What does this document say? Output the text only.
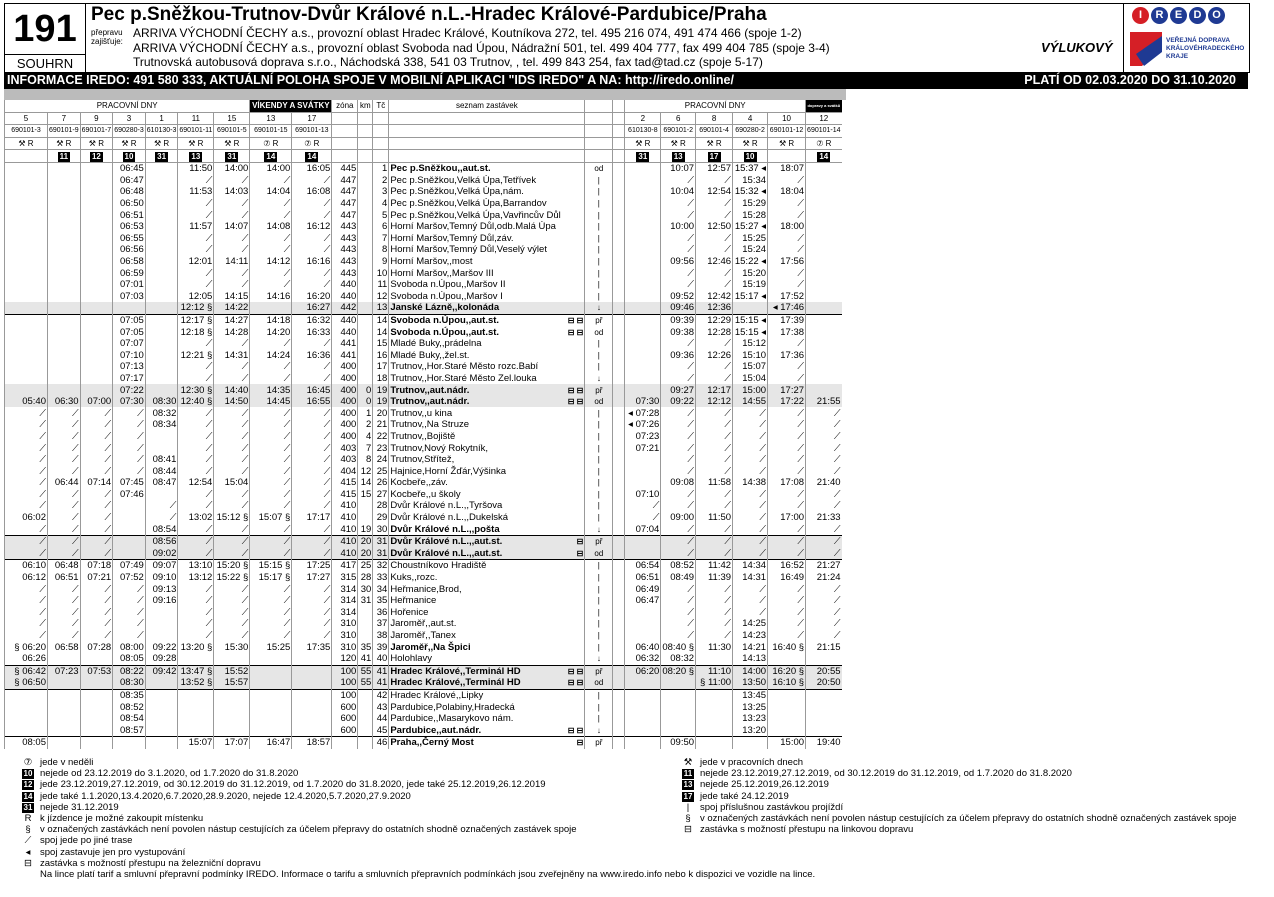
191
SOUHRN
Pec p.Sněžkou-Trutnov-Dvůr Králové n.L.-Hradec Králové-Pardubice/Praha
přepravu zajišťuje:
ARRIVA VÝCHODNÍ ČECHY a.s., provozní oblast Hradec Králové, Koutníkova 272, tel. 495 216 074, 491 474 466 (spoje 1-2)
ARRIVA VÝCHODNÍ ČECHY a.s., provozní oblast Svoboda nad Úpou, Nádražní 501, tel. 499 404 777, fax 499 404 785 (spoje 3-4)
Trutnovská autobusová doprava s.r.o., Náchodská 338, 541 03 Trutnov, , tel. 499 843 254, fax tad@tad.cz (spoje 5-17)
VÝLUKOVÝ
I	R	E	D O
VEŘEJNÁ DOPRAVA KRÁLOVÉHRADECKÉHO KRAJE
INFORMACE IREDO: 491 580 333, AKTUÁLNÍ POLOHA SPOJE V MOBILNÍ APLIKACI "IDS IREDO" A NA: http://iredo.online/	PLATÍ OD 02.03.2020 DO 31.10.2020
PRACOVNÍ DNY							VÍKENDY A SVÁTKY		zóna	km	Tč	seznam zastávek			PRACOVNÍ DNY					dopravy a svátků
5	7	9	3	1	11	15	13	17							2	6	8	4	10	12
690101-3	690101-9	690101-7	690280-3	610130-3	690101-11	690101-5	690101-15	690101-13							610130-8	690101-2	690101-4	690280-2	690101-12	690101-14
⚒ R	⚒ R	⚒ R	⚒ R	⚒ R	⚒ R	⚒ R	⑦ R	⑦ R							⚒ R	⚒ R	⚒ R	⚒ R	⚒ R	⑦ R
	11	12	10	31	13	31	14	14							31	13	17	10		14
			06:45		11:50	14:00	14:00	16:05	445		1	Pec p.Sněžkou,,aut.st.	od			10:07	12:57	15:37 ◂	18:07	
			06:47		⟋	⟋	⟋	⟋	447		2	Pec p.Sněžkou,Velká Úpa,Tetřívek	|			⟋	⟋	15:34	⟋	
			06:48		11:53	14:03	14:04	16:08	447		3	Pec p.Sněžkou,Velká Úpa,nám.	|			10:04	12:54	15:32 ◂	18:04	
			06:50		⟋	⟋	⟋	⟋	447		4	Pec p.Sněžkou,Velká Úpa,Barrandov	|			⟋	⟋	15:29	⟋	
			06:51		⟋	⟋	⟋	⟋	447		5	Pec p.Sněžkou,Velká Úpa,Vavřincův Důl	|			⟋	⟋	15:28	⟋	
			06:53		11:57	14:07	14:08	16:12	443		6	Horní Maršov,Temný Důl,odb.Malá Úpa	|			10:00	12:50	15:27 ◂	18:00	
			06:55		⟋	⟋	⟋	⟋	443		7	Horní Maršov,Temný Důl,záv.	|			⟋	⟋	15:25	⟋	
			06:56		⟋	⟋	⟋	⟋	443		8	Horní Maršov,Temný Důl,Veselý výlet	|			⟋	⟋	15:24	⟋	
			06:58		12:01	14:11	14:12	16:16	443		9	Horní Maršov,,most	|			09:56	12:46	15:22 ◂	17:56	
			06:59		⟋	⟋	⟋	⟋	443		10	Horní Maršov,,Maršov III	|			⟋	⟋	15:20	⟋	
			07:01		⟋	⟋	⟋	⟋	440		11	Svoboda n.Úpou,,Maršov II	|			⟋	⟋	15:19	⟋	
			07:03		12:05	14:15	14:16	16:20	440		12	Svoboda n.Úpou,,Maršov I	|			09:52	12:42	15:17 ◂	17:52	
					12:12 §	14:22		16:27	442		13	Janské Lázně,,kolonáda	↓			09:46	12:36		◂ 17:46	
			07:05		12:17 §	14:27	14:18	16:32	440		14	Svoboda n.Úpou,,aut.st. ⊟ ⊟	př			09:39	12:29	15:15 ◂	17:39	
			07:05		12:18 §	14:28	14:20	16:33	440		14	Svoboda n.Úpou,,aut.st. ⊟ ⊟	od			09:38	12:28	15:15 ◂	17:38	
			07:07		⟋	⟋	⟋	⟋	441		15	Mladé Buky,,prádelna	|			⟋	⟋	15:12	⟋	
			07:10		12:21 §	14:31	14:24	16:36	441		16	Mladé Buky,,žel.st.	|			09:36	12:26	15:10	17:36	
			07:13		⟋	⟋	⟋	⟋	400		17	Trutnov,,Hor.Staré Město rozc.Babí	|			⟋	⟋	15:07	⟋	
			07:17		⟋	⟋	⟋	⟋	400		18	Trutnov,,Hor.Staré Město Zel.louka	↓			⟋	⟋	15:04	⟋	
			07:22		12:30 §	14:40	14:35	16:45	400	0	19	Trutnov,,aut.nádr. ⊟ ⊟	př			09:27	12:17	15:00	17:27	
05:40	06:30	07:00	07:30	08:30	12:40 §	14:50	14:45	16:55	400	0	19	Trutnov,,aut.nádr. ⊟ ⊟	od		07:30	09:22	12:12	14:55	17:22	21:55
⟋	⟋	⟋	⟋	08:32	⟋	⟋	⟋	⟋	400	1	20	Trutnov,,u kina	|		◂ 07:28	⟋	⟋	⟋	⟋	⟋
⟋	⟋	⟋	⟋	08:34	⟋	⟋	⟋	⟋	400	2	21	Trutnov,,Na Struze	|		◂ 07:26	⟋	⟋	⟋	⟋	⟋
⟋	⟋	⟋	⟋		⟋	⟋	⟋	⟋	400	4	22	Trutnov,,Bojiště	|		07:23	⟋	⟋	⟋	⟋	⟋
⟋	⟋	⟋	⟋		⟋	⟋	⟋	⟋	403	7	23	Trutnov,Nový Rokytník,	|		07:21	⟋	⟋	⟋	⟋	⟋
⟋	⟋	⟋	⟋	08:41	⟋	⟋	⟋	⟋	403	8	24	Trutnov,Střítež,	|			⟋	⟋	⟋	⟋	⟋
⟋	⟋	⟋	⟋	08:44	⟋	⟋	⟋	⟋	404	12	25	Hajnice,Horní Žďár,Výšinka	|			⟋	⟋	⟋	⟋	⟋
⟋	06:44	07:14	07:45	08:47	12:54	15:04	⟋	⟋	415	14	26	Kocbeře,,záv.	|			09:08	11:58	14:38	17:08	21:40
⟋	⟋	⟋	07:46		⟋	⟋	⟋	⟋	415	15	27	Kocbeře,,u školy	|		07:10	⟋	⟋	⟋	⟋	⟋
⟋	⟋	⟋		⟋	⟋	⟋	⟋	⟋	410		28	Dvůr Králové n.L.,,Tyršova	|		⟋	⟋	⟋	⟋	⟋	⟋
06:02	⟋	⟋		⟋	13:02	15:12 §	15:07 §	17:17	410		29	Dvůr Králové n.L.,,Dukelská	|		⟋	09:00	11:50	⟋	17:00	21:33
⟋	⟋	⟋		08:54	⟋	⟋	⟋	⟋	410	19	30	Dvůr Králové n.L.,,pošta	↓		07:04	⟋	⟋	⟋	⟋	⟋
⟋	⟋	⟋		08:56	⟋	⟋	⟋	⟋	410	20	31	Dvůr Králové n.L.,,aut.st. ⊟	př			⟋	⟋	⟋	⟋	⟋
⟋	⟋	⟋		09:02	⟋	⟋	⟋	⟋	410	20	31	Dvůr Králové n.L.,,aut.st. ⊟	od			⟋	⟋	⟋	⟋	⟋
06:10	06:48	07:18	07:49	09:07	13:10	15:20 §	15:15 §	17:25	417	25	32	Choustníkovo Hradiště	|		06:54	08:52	11:42	14:34	16:52	21:27
06:12	06:51	07:21	07:52	09:10	13:12	15:22 §	15:17 §	17:27	315	28	33	Kuks,,rozc.	|		06:51	08:49	11:39	14:31	16:49	21:24
⟋	⟋	⟋	⟋	09:13	⟋	⟋	⟋	⟋	314	30	34	Heřmanice,Brod,	|		06:49	⟋	⟋	⟋	⟋	⟋
⟋	⟋	⟋	⟋	09:16	⟋	⟋	⟋	⟋	314	31	35	Heřmanice	|		06:47	⟋	⟋	⟋	⟋	⟋
⟋	⟋	⟋	⟋		⟋	⟋	⟋	⟋	314		36	Hořenice	|			⟋	⟋	⟋	⟋	⟋
⟋	⟋	⟋	⟋		⟋	⟋	⟋	⟋	310		37	Jaroměř,,aut.st.	|			⟋	⟋	14:25	⟋	⟋
⟋	⟋	⟋	⟋		⟋	⟋	⟋	⟋	310		38	Jaroměř,,Tanex	|			⟋	⟋	14:23	⟋	⟋
§ 06:20	06:58	07:28	08:00	09:22	13:20 §	15:30	15:25	17:35	310	35	39	Jaroměř,,Na Špici	|		06:40	08:40 §	11:30	14:21	16:40 §	21:15
06:26			08:05	09:28					120	41	40	Holohlavy	↓		06:32	08:32		14:13		
§ 06:42	07:23	07:53	08:22	09:42	13:47 §	15:52			100	55	41	Hradec Králové,,Terminál HD ⊟ ⊟	př		06:20	08:20 §	11:10	14:00	16:20 §	20:55
§ 06:50			08:30		13:52 §	15:57			100	55	41	Hradec Králové,,Terminál HD ⊟ ⊟	od				§ 11:00	13:50	16:10 §	20:50
			08:35						100		42	Hradec Králové,,Lipky	|					13:45		
			08:52						600		43	Pardubice,Polabiny,Hradecká	|					13:25		
			08:54						600		44	Pardubice,,Masarykovo nám.	|					13:23		
			08:57						600		45	Pardubice,,aut.nádr. ⊟ ⊟	↓					13:20		
08:05					15:07	17:07	16:47	18:57			46	Praha,,Černý Most ⊟	př			09:50			15:00	19:40
⑦ jede v neděli
10 nejede od 23.12.2019 do 3.1.2020, od 1.7.2020 do 31.8.2020
12 jede 23.12.2019,27.12.2019, od 30.12.2019 do 31.12.2019, od 1.7.2020 do 31.8.2020, jede také 25.12.2019,26.12.2019
14 jede také 1.1.2020,13.4.2020,6.7.2020,28.9.2020, nejede 12.4.2020,5.7.2020,27.9.2020
31 nejede 31.12.2019
R k jízdence je možné zakoupit místenku
§ v označených zastávkách není povolen nástup cestujících za účelem přepravy do ostatních shodně označených zastávek spoje
⟋ spoj jede po jiné trase
◂ spoj zastavuje jen pro vystupování
⊟ zastávka s možností přestupu na železniční dopravu
Na lince platí tarif a smluvní přepravní podmínky IREDO. Informace o tarifu a smluvních přepravních podmínkách jsou zveřejněny na www.iredo.info nebo k dispozici ve vozidle na lince.
⚒ jede v pracovních dnech
11 nejede 23.12.2019,27.12.2019, od 30.12.2019 do 31.12.2019, od 1.7.2020 do 31.8.2020
13 nejede 25.12.2019,26.12.2019
17 jede také 24.12.2019
| spoj příslušnou zastávkou projíždí
§ v označených zastávkách není povolen nástup cestujících za účelem přepravy do ostatních shodně označených zastávek spoje
⊟ zastávka s možností přestupu na linkovou dopravu
